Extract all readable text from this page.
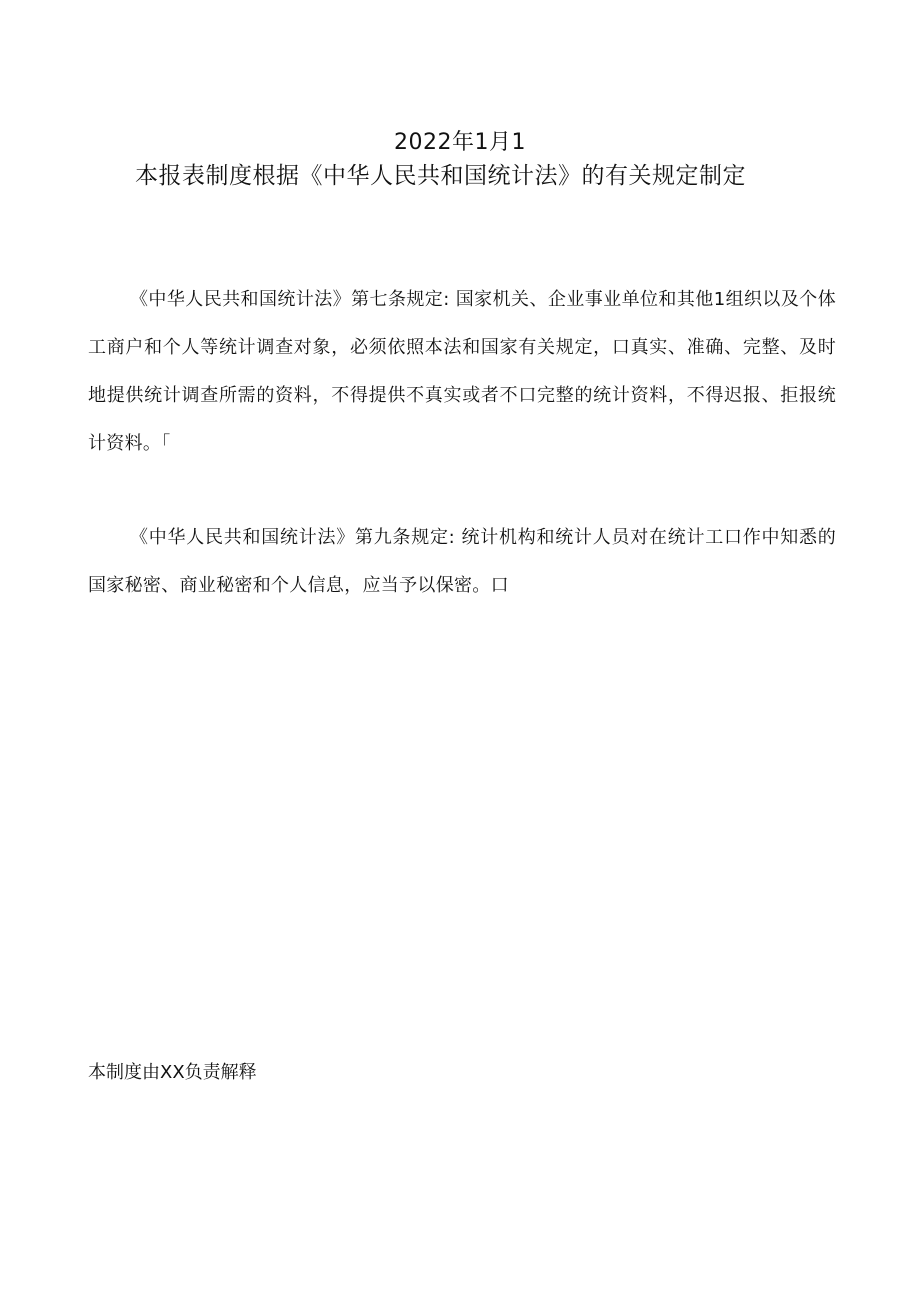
2022年1月1
本报表制度根据《中华人民共和国统计法》的有关规定制定

《中华人民共和国统计法》第七条规定: 国家机关、企业事业单位和其他1组织以及个体工商户和个人等统计调查对象，必须依照本法和国家有关规定，口真实、准确、完整、及时地提供统计调查所需的资料，不得提供不真实或者不口完整的统计资料，不得迟报、拒报统计资料。「

《中华人民共和国统计法》第九条规定: 统计机构和统计人员对在统计工口作中知悉的国家秘密、商业秘密和个人信息，应当予以保密。口

本制度由XX负责解释
